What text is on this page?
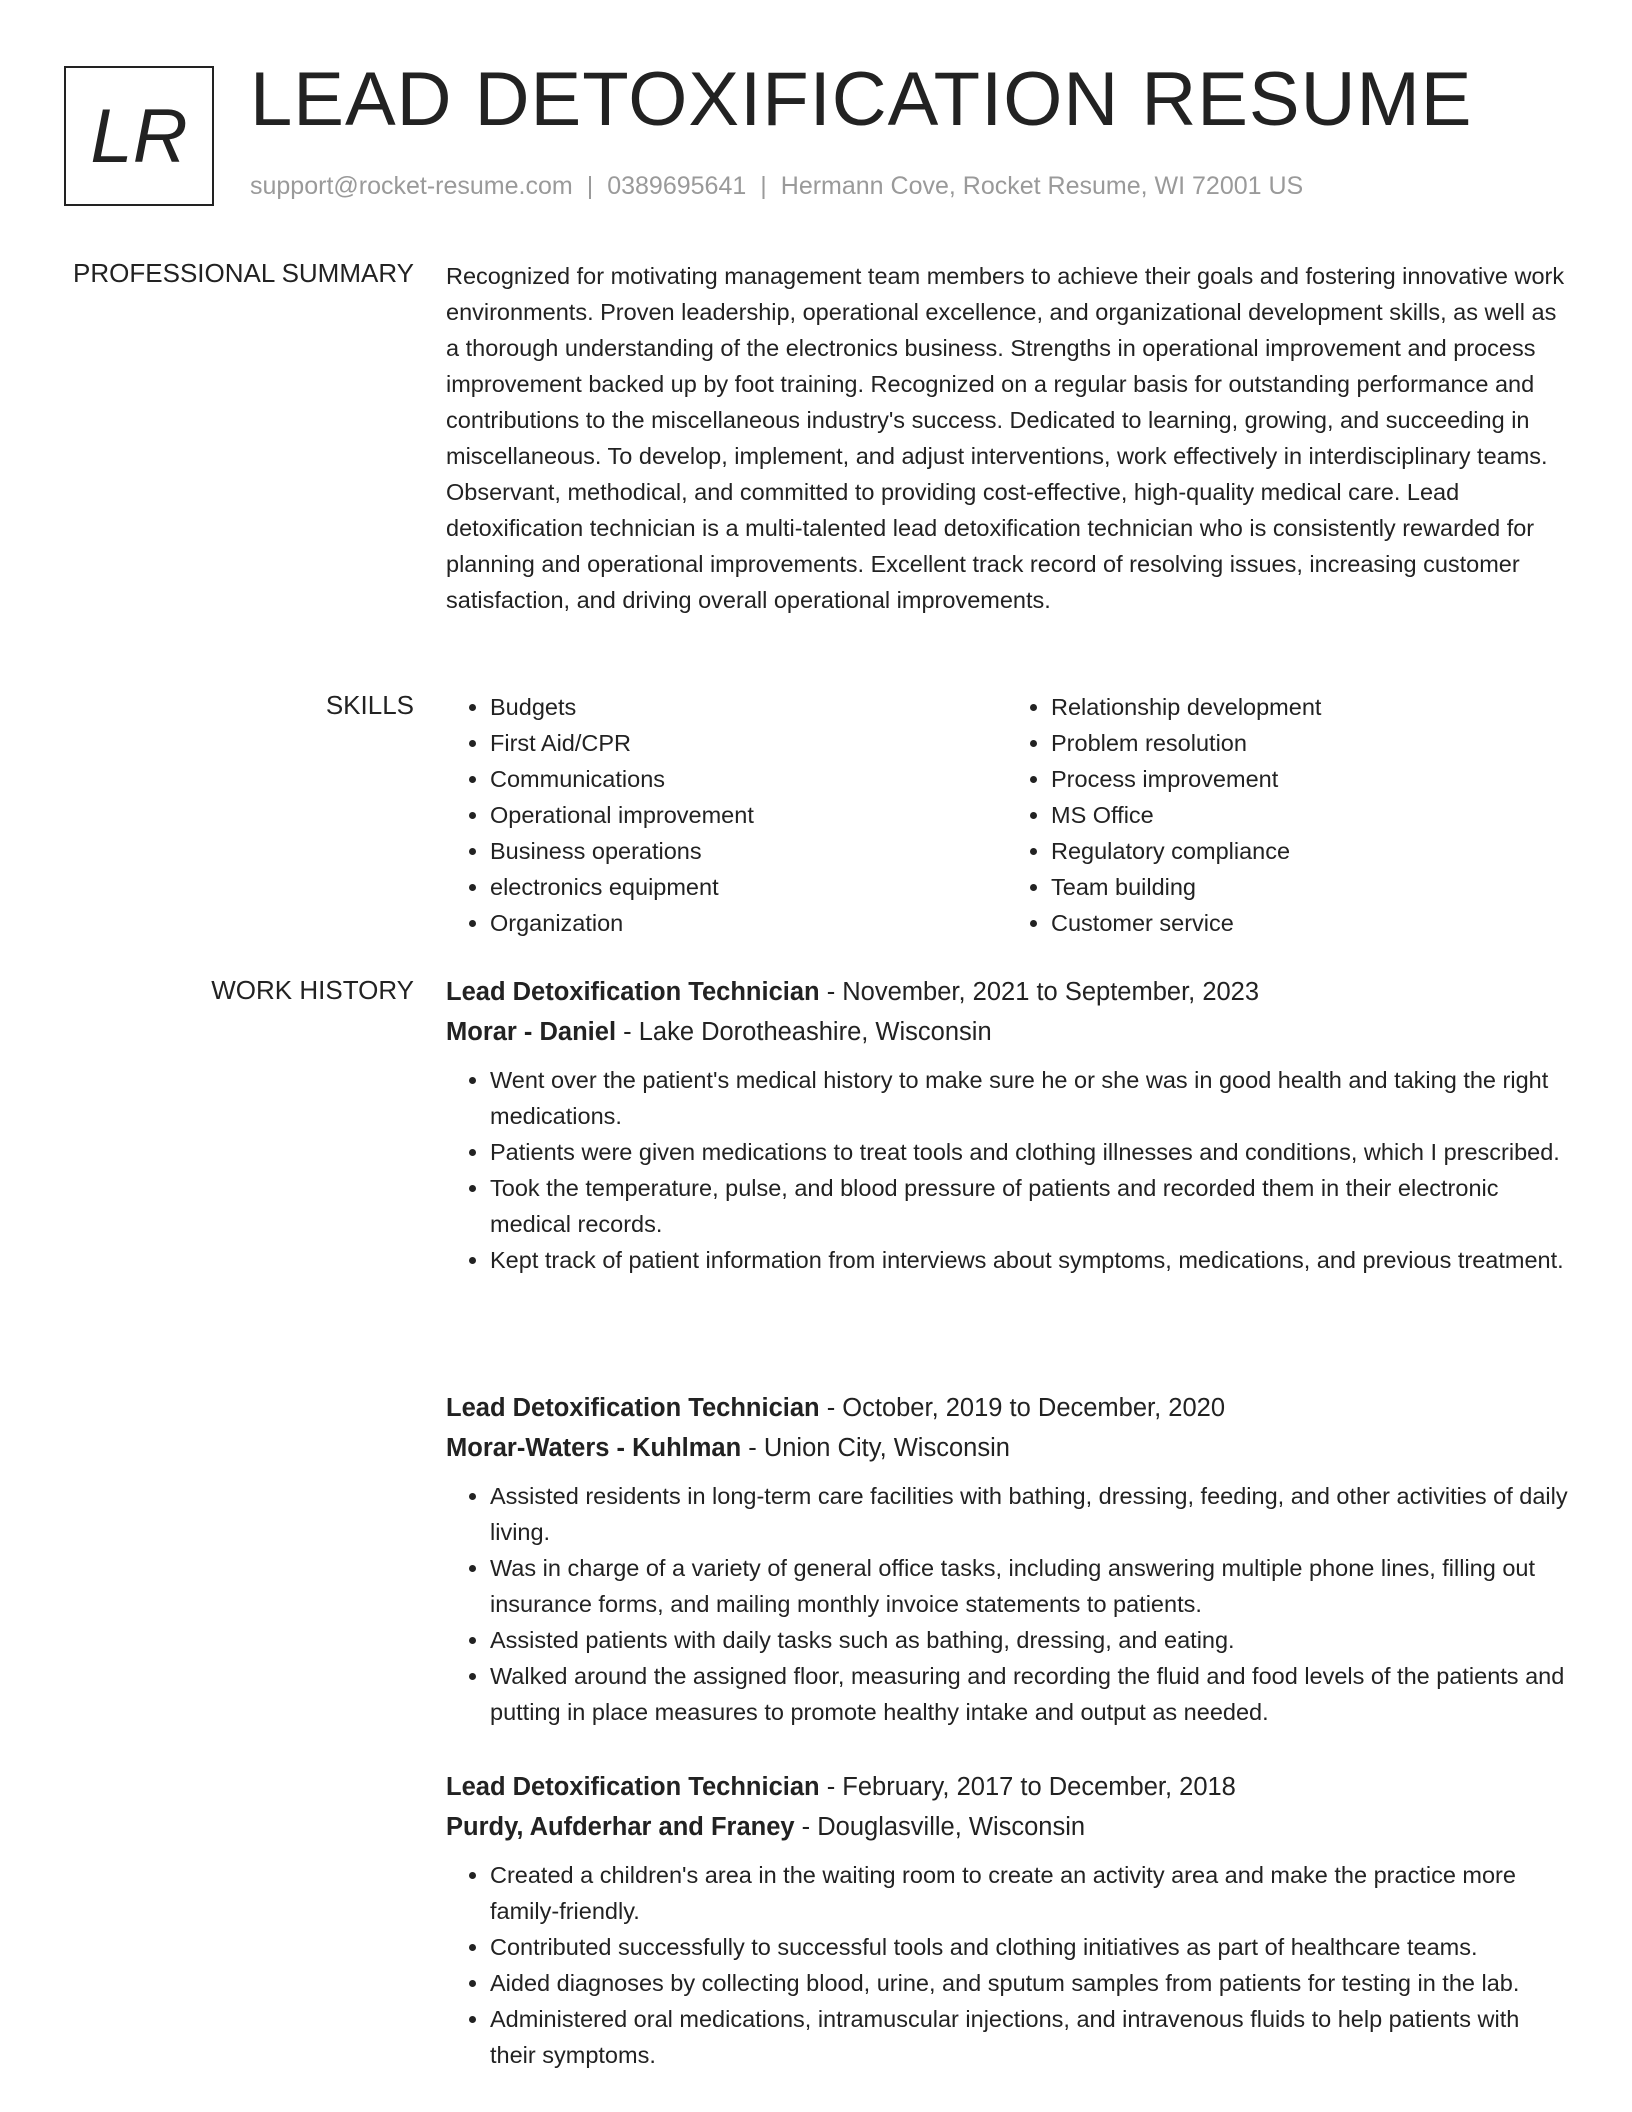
LR LEAD DETOXIFICATION RESUME
support@rocket-resume.com | 0389695641 | Hermann Cove, Rocket Resume, WI 72001 US
PROFESSIONAL SUMMARY Recognized for motivating management team members to achieve their goals and fostering innovative work environments. Proven leadership, operational excellence, and organizational development skills, as well as a thorough understanding of the electronics business. Strengths in operational improvement and process improvement backed up by foot training. Recognized on a regular basis for outstanding performance and contributions to the miscellaneous industry's success. Dedicated to learning, growing, and succeeding in miscellaneous. To develop, implement, and adjust interventions, work effectively in interdisciplinary teams. Observant, methodical, and committed to providing cost-effective, high-quality medical care. Lead detoxification technician is a multi-talented lead detoxification technician who is consistently rewarded for planning and operational improvements. Excellent track record of resolving issues, increasing customer satisfaction, and driving overall operational improvements.

SKILLS
•	Budgets
• First Aid/CPR
• Communications
• Operational improvement
• Business operations
• electronics equipment
• Organization
• Relationship development
• Problem resolution
• Process improvement
• MS Office
• Regulatory compliance
• Team building
• Customer service
WORK HISTORY Lead Detoxification Technician - November, 2021 to September, 2023
Morar - Daniel - Lake Dorotheashire, Wisconsin
• Went over the patient's medical history to make sure he or she was in good health and taking the right medications.
• Patients were given medications to treat tools and clothing illnesses and conditions, which I prescribed.
• Took the temperature, pulse, and blood pressure of patients and recorded them in their electronic medical records.
• Kept track of patient information from interviews about symptoms, medications, and previous treatment.
Lead Detoxification Technician - October, 2019 to December, 2020
Morar-Waters - Kuhlman - Union City, Wisconsin
• Assisted residents in long-term care facilities with bathing, dressing, feeding, and other activities of daily living.
• Was in charge of a variety of general office tasks, including answering multiple phone lines, filling out insurance forms, and mailing monthly invoice statements to patients.
• Assisted patients with daily tasks such as bathing, dressing, and eating.
• Walked around the assigned floor, measuring and recording the fluid and food levels of the patients and putting in place measures to promote healthy intake and output as needed.
Lead Detoxification Technician - February, 2017 to December, 2018
Purdy, Aufderhar and Franey - Douglasville, Wisconsin
• Created a children's area in the waiting room to create an activity area and make the practice more family-friendly.
• Contributed successfully to successful tools and clothing initiatives as part of healthcare teams.
• Aided diagnoses by collecting blood, urine, and sputum samples from patients for testing in the lab.
• Administered oral medications, intramuscular injections, and intravenous fluids to help patients with their symptoms.
